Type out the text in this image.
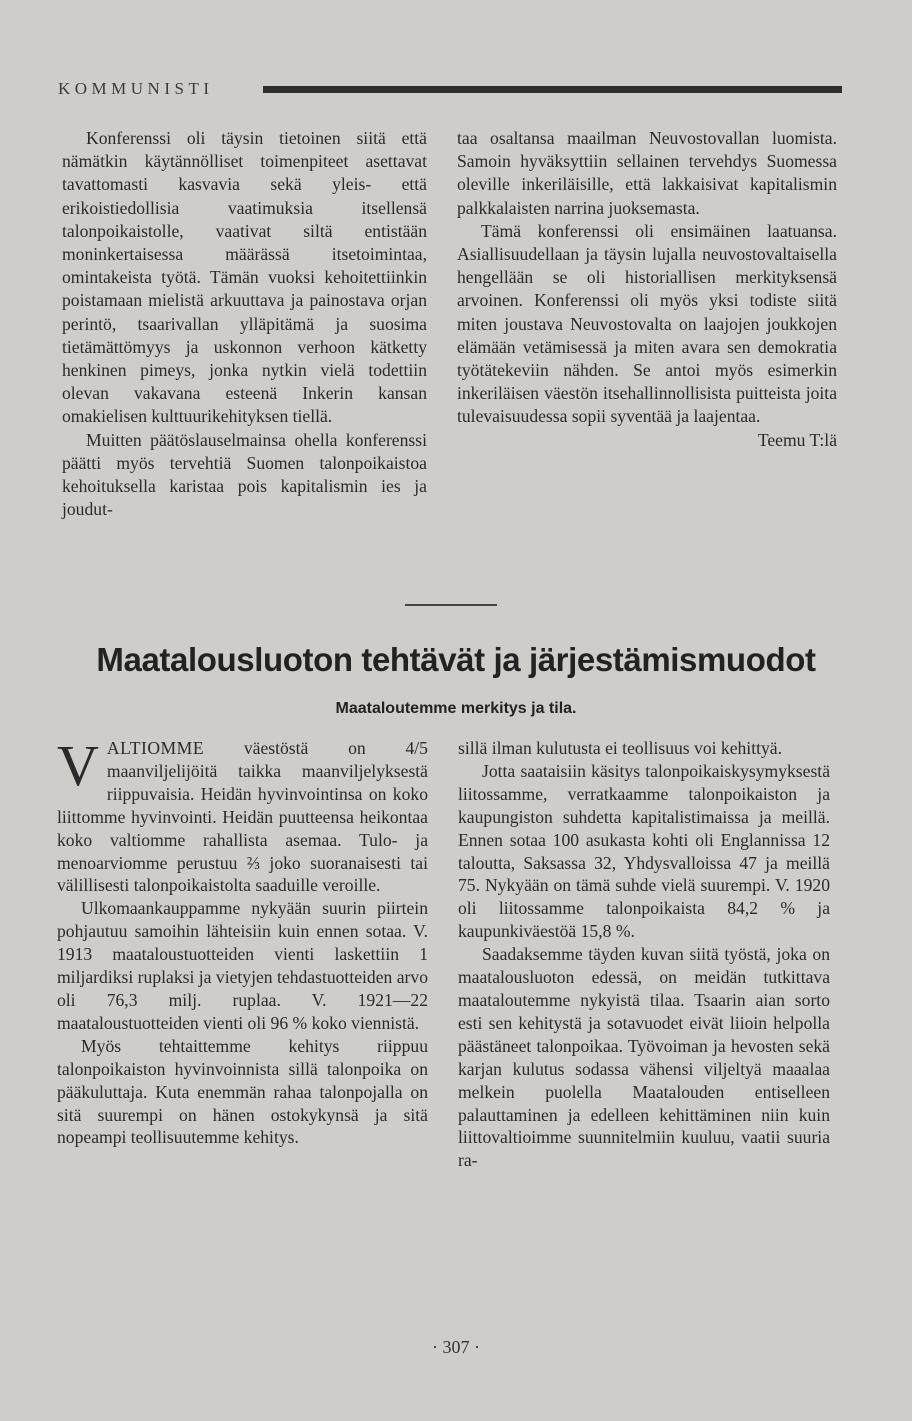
KOMMUNISTI

Konferenssi oli täysin tietoinen siitä että nämätkin käytännölliset toimenpiteet asettavat tavattomasti kasvavia sekä yleis- että erikoistiedollisia vaatimuksia itsellensä talonpoikaistolle, vaativat siltä entistään moninkertaisessa määrässä itsetoimintaa, omintakeista työtä. Tämän vuoksi kehoitettiinkin poistamaan mielistä arkuuttava ja painostava orjan perintö, tsaarivallan ylläpitämä ja suosima tietämättömyys ja uskonnon verhoon kätketty henkinen pimeys, jonka nytkin vielä todettiin olevan vakavana esteenä Inkerin kansan omakielisen kulttuurikehityksen tiellä.

Muitten päätöslauselmainsa ohella konferenssi päätti myös tervehtiä Suomen talonpoikaistoa kehoituksella karistaa pois kapitalismin ies ja joudut-

taa osaltansa maailman Neuvostovallan luomista. Samoin hyväksyttiin sellainen tervehdys Suomessa oleville inkeriläisille, että lakkaisivat kapitalismin palkkalaisten narrina juoksemasta.

Tämä konferenssi oli ensimäinen laatuansa. Asiallisuudellaan ja täysin lujalla neuvostovaltaisella hengellään se oli historiallisen merkityksensä arvoinen. Konferenssi oli myös yksi todiste siitä miten joustava Neuvostovalta on laajojen joukkojen elämään vetämisessä ja miten avara sen demokratia työtätekeviin nähden. Se antoi myös esimerkin inkeriläisen väestön itsehallinnollisista puitteista joita tulevaisuudessa sopii syventää ja laajentaa.

Teemu T:lä

Maatalousluoton tehtävät ja järjestämismuodot
Maataloutemme merkitys ja tila.

VALTIOMME väestöstä on 4/5 maanviljelijöitä taikka maanviljelyksestä riippuvaisia. Heidän hyvinvointinsa on koko liittomme hyvinvointi. Heidän puutteensa heikontaa koko valtiomme rahallista asemaa. Tulo- ja menoarviomme perustuu ⅔ joko suoranaisesti tai välillisesti talonpoikaistolta saaduille veroille.

Ulkomaankauppamme nykyään suurin piirtein pohjautuu samoihin lähteisiin kuin ennen sotaa. V. 1913 maataloustuotteiden vienti laskettiin 1 miljardiksi ruplaksi ja vietyjen tehdastuotteiden arvo oli 76,3 milj. ruplaa. V. 1921—22 maataloustuotteiden vienti oli 96 % koko viennistä.

Myös tehtaittemme kehitys riippuu talonpoikaiston hyvinvoinnista sillä talonpoika on pääkuluttaja. Kuta enemmän rahaa talonpojalla on sitä suurempi on hänen ostokykynsä ja sitä nopeampi teollisuutemme kehitys.

sillä ilman kulutusta ei teollisuus voi kehittyä.

Jotta saataisiin käsitys talonpoikaiskysymyksestä liitossamme, verratkaamme talonpoikaiston ja kaupungiston suhdetta kapitalistimaissa ja meillä. Ennen sotaa 100 asukasta kohti oli Englannissa 12 taloutta, Saksassa 32, Yhdysvalloissa 47 ja meillä 75. Nykyään on tämä suhde vielä suurempi. V. 1920 oli liitossamme talonpoikaista 84,2 % ja kaupunkiväestöä 15,8 %.

Saadaksemme täyden kuvan siitä työstä, joka on maatalousluoton edessä, on meidän tutkittava maataloutemme nykyistä tilaa. Tsaarin aian sorto esti sen kehitystä ja sotavuodet eivät liioin helpolla päästäneet talonpoikaa. Työvoiman ja hevosten sekä karjan kulutus sodassa vähensi viljeltyä maaalaa melkein puolella Maatalouden entiselleen palauttaminen ja edelleen kehittäminen niin kuin liittovaltioimme suunnitelmiin kuuluu, vaatii suuria ra-

· 307 ·
